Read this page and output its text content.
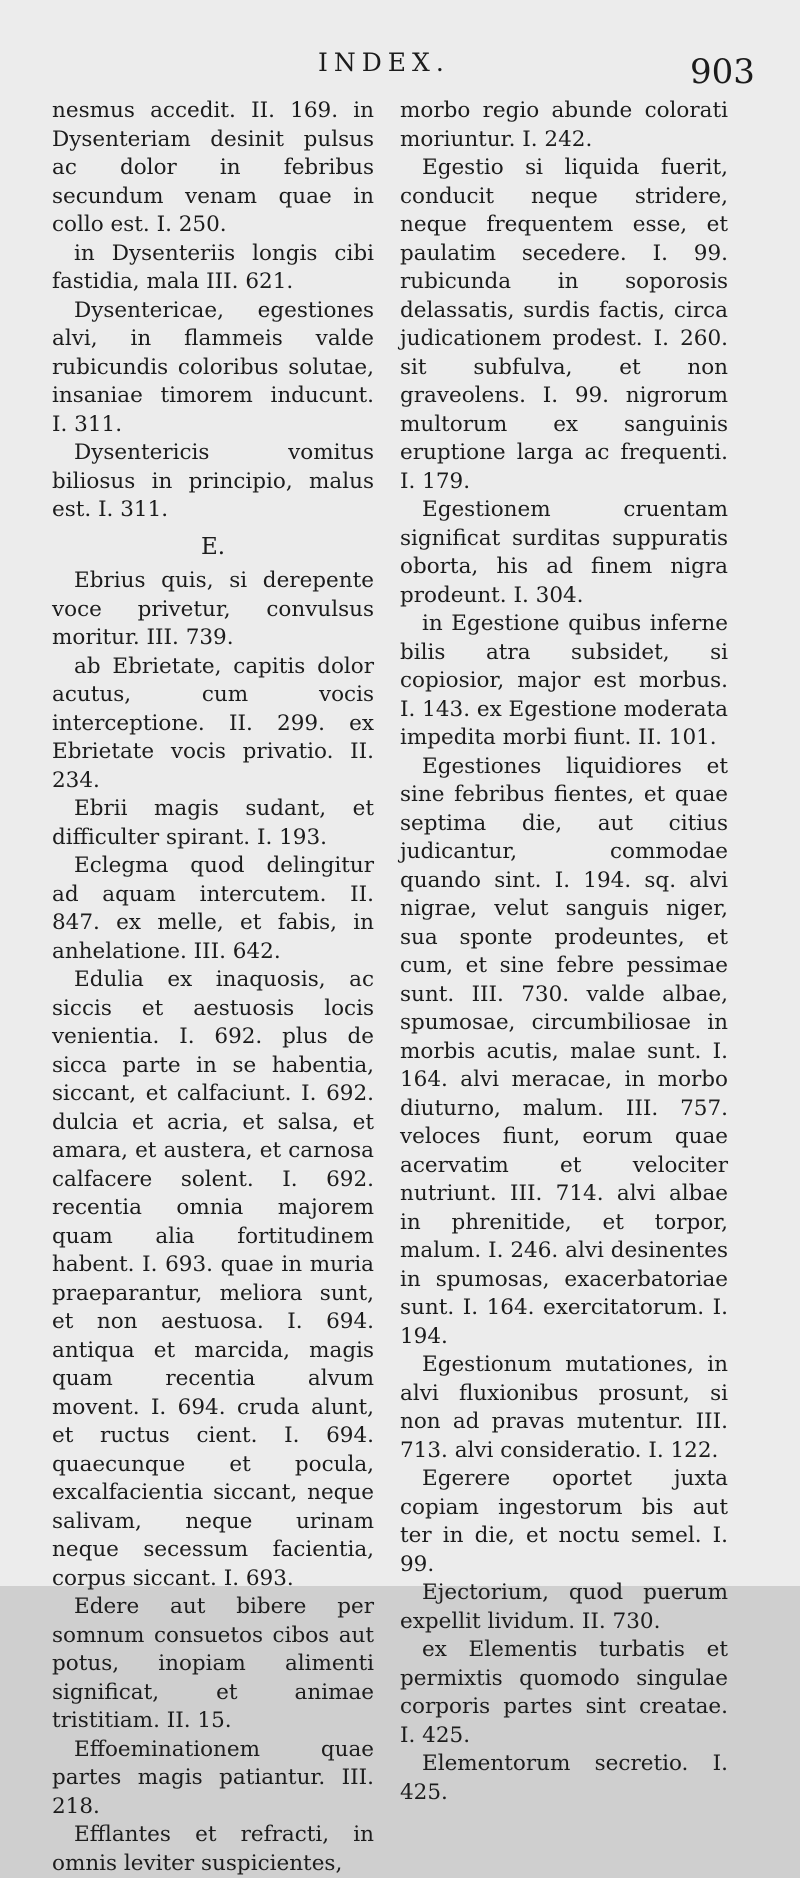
INDEX.	903

nesmus accedit. II. 169. in Dysenteriam desinit pulsus ac dolor in febribus secundum venam quae in collo est. I. 250.

in Dysenteriis longis cibi fastidia, mala III. 621.

Dysentericae, egestiones alvi, in flammeis valde rubicundis coloribus solutae, insaniae timorem inducunt. I. 311.

Dysentericis vomitus biliosus in principio, malus est. I. 311.

E.

Ebrius quis, si derepente voce privetur, convulsus moritur. III. 739.

ab Ebrietate, capitis dolor acutus, cum vocis interceptione. II. 299. ex Ebrietate vocis privatio. II. 234.

Ebrii magis sudant, et difficulter spirant. I. 193.

Eclegma quod delingitur ad aquam intercutem. II. 847. ex melle, et fabis, in anhelatione. III. 642.

Edulia ex inaquosis, ac siccis et aestuosis locis venientia. I. 692. plus de sicca parte in se habentia, siccant, et calfaciunt. I. 692. dulcia et acria, et salsa, et amara, et austera, et carnosa calfacere solent. I. 692. recentia omnia majorem quam alia fortitudinem habent. I. 693. quae in muria praeparantur, meliora sunt, et non aestuosa. I. 694. antiqua et marcida, magis quam recentia alvum movent. I. 694. cruda alunt, et ructus cient. I. 694. quaecunque et pocula, excalfacientia siccant, neque salivam, neque urinam neque secessum facientia, corpus siccant. I. 693.

Edere aut bibere per somnum consuetos cibos aut potus, inopiam alimenti significat, et animae tristitiam. II. 15.

Effoeminationem quae partes magis patiantur. III. 218.

Efflantes et refracti, in omnis leviter suspicientes,

morbo regio abunde colorati moriuntur. I. 242.

Egestio si liquida fuerit, conducit neque stridere, neque frequentem esse, et paulatim secedere. I. 99. rubicunda in soporosis delassatis, surdis factis, circa judicationem prodest. I. 260. sit subfulva, et non graveolens. I. 99. nigrorum multorum ex sanguinis eruptione larga ac frequenti. I. 179.

Egestionem cruentam significat surditas suppuratis oborta, his ad finem nigra prodeunt. I. 304.

in Egestione quibus inferne bilis atra subsidet, si copiosior, major est morbus. I. 143. ex Egestione moderata impedita morbi fiunt. II. 101.

Egestiones liquidiores et sine febribus fientes, et quae septima die, aut citius judicantur, commodae quando sint. I. 194. sq. alvi nigrae, velut sanguis niger, sua sponte prodeuntes, et cum, et sine febre pessimae sunt. III. 730. valde albae, spumosae, circumbiliosae in morbis acutis, malae sunt. I. 164. alvi meracae, in morbo diuturno, malum. III. 757. veloces fiunt, eorum quae acervatim et velociter nutriunt. III. 714. alvi albae in phrenitide, et torpor, malum. I. 246. alvi desinentes in spumosas, exacerbatoriae sunt. I. 164. exercitatorum. I. 194.

Egestionum mutationes, in alvi fluxionibus prosunt, si non ad pravas mutentur. III. 713. alvi consideratio. I. 122.

Egerere oportet juxta copiam ingestorum bis aut ter in die, et noctu semel. I. 99.

Ejectorium, quod puerum expellit lividum. II. 730.

ex Elementis turbatis et permixtis quomodo singulae corporis partes sint creatae. I. 425.

Elementorum secretio. I. 425.
